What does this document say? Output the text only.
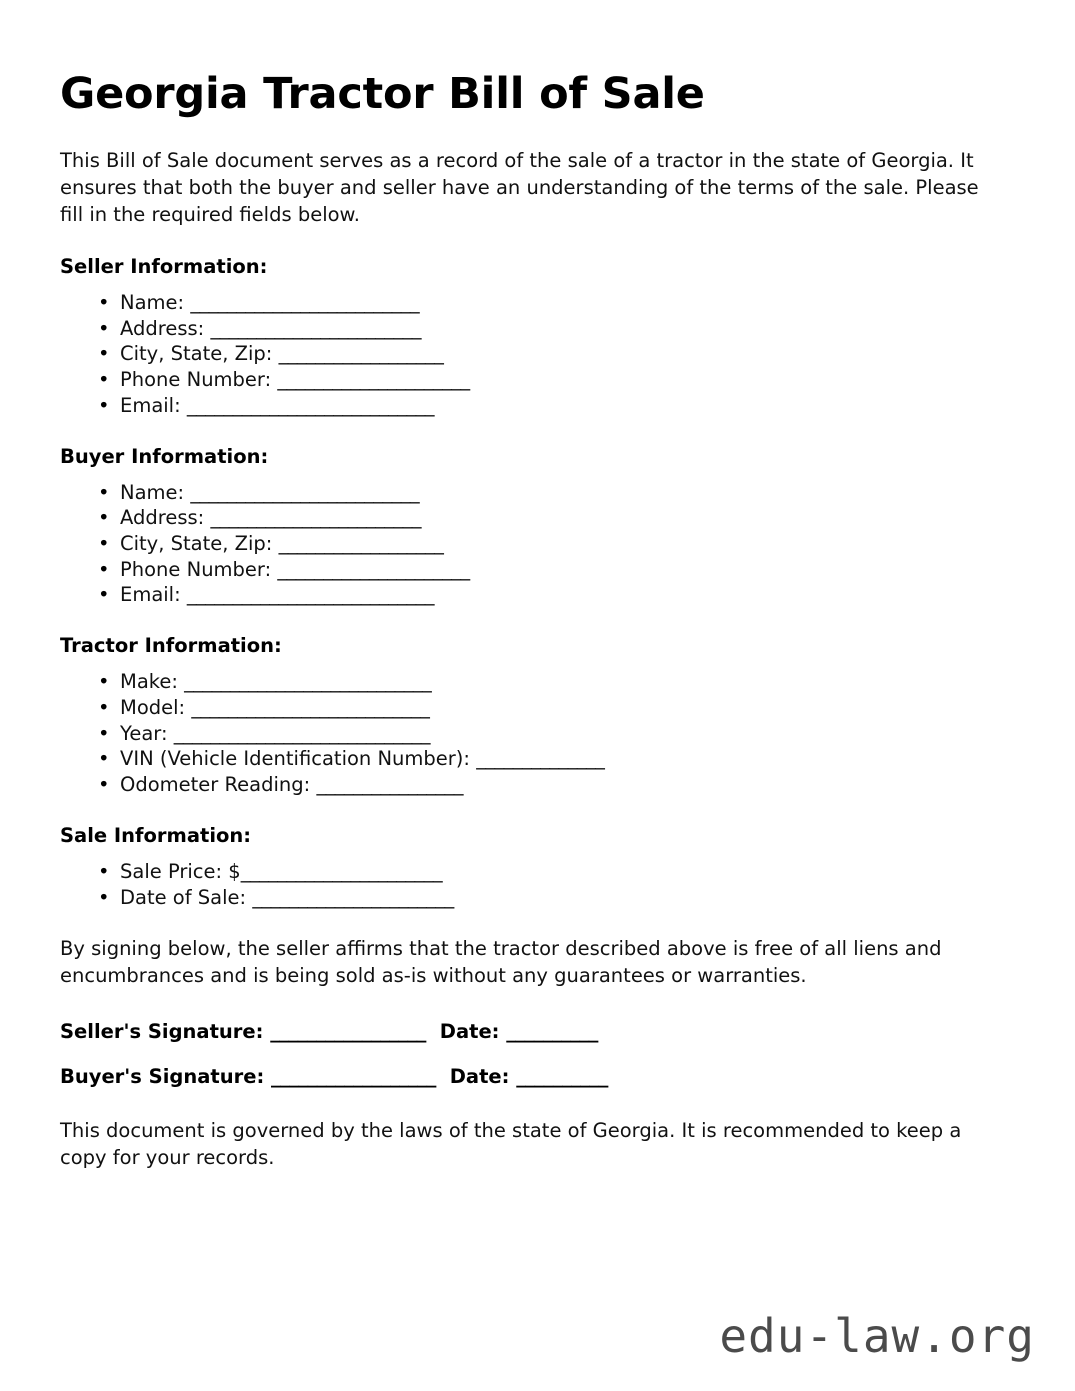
Georgia Tractor Bill of Sale

This Bill of Sale document serves as a record of the sale of a tractor in the state of Georgia. It ensures that both the buyer and seller have an understanding of the terms of the sale. Please fill in the required fields below.

Seller Information:
• Name: _________________________
• Address: _______________________
• City, State, Zip: __________________
• Phone Number: _____________________
• Email: ___________________________
Buyer Information:
• Name: _________________________
• Address: _______________________
• City, State, Zip: __________________
• Phone Number: _____________________
• Email: ___________________________
Tractor Information:
• Make: ___________________________
• Model: __________________________
• Year: ____________________________
• VIN (Vehicle Identification Number): ______________
• Odometer Reading: ________________
Sale Information:
• Sale Price: $______________________
• Date of Sale: ______________________

By signing below, the seller affirms that the tractor described above is free of all liens and encumbrances and is being sold as-is without any guarantees or warranties.

Seller's Signature: _________________ Date: __________
Buyer's Signature: __________________ Date: __________

This document is governed by the laws of the state of Georgia. It is recommended to keep a copy for your records.

edu-law.org
